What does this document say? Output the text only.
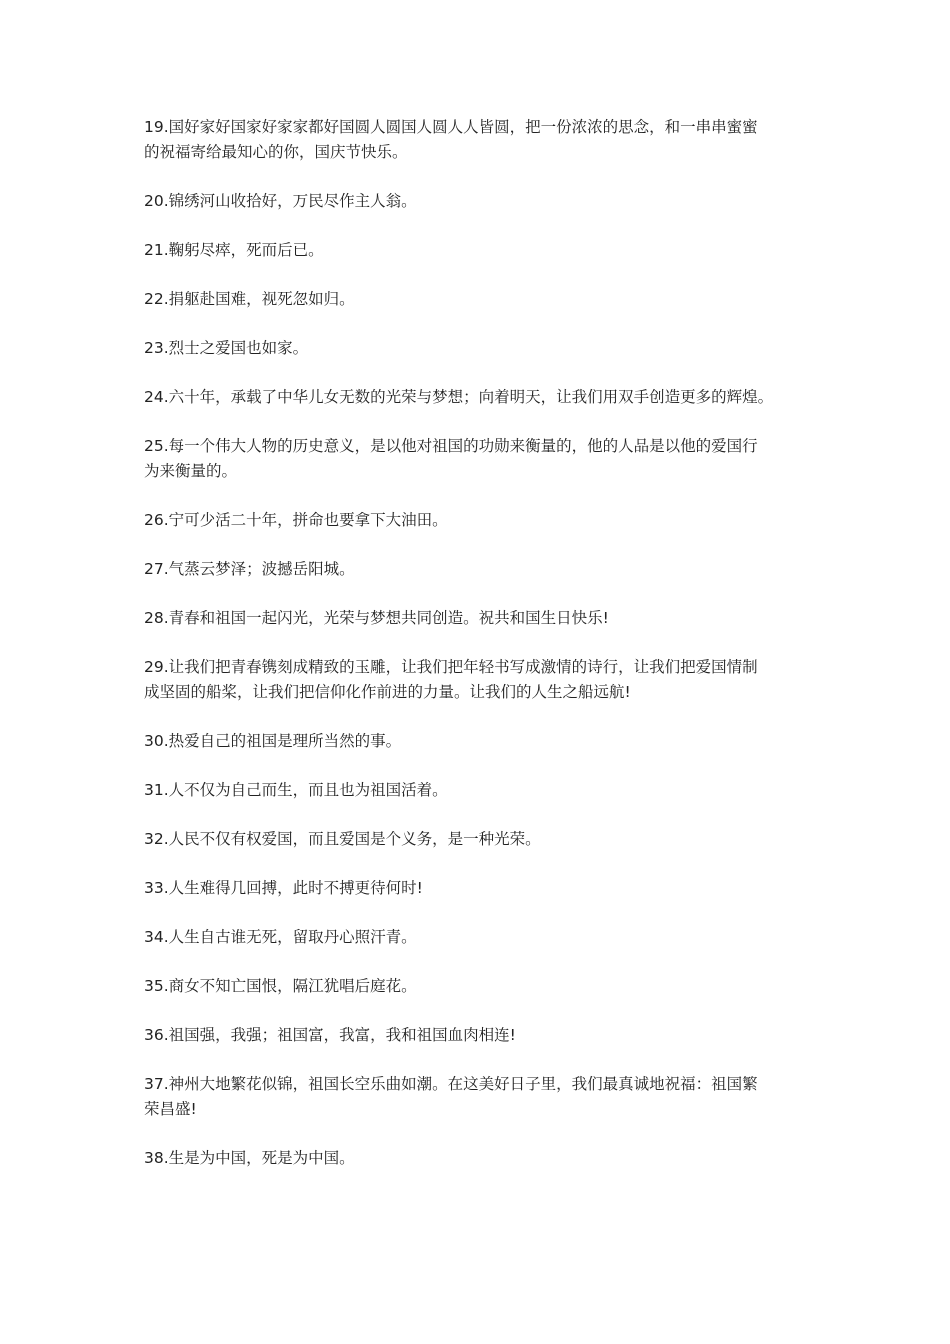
19.国好家好国家好家家都好国圆人圆国人圆人人皆圆，把一份浓浓的思念，和一串串蜜蜜
的祝福寄给最知心的你，国庆节快乐。

20.锦绣河山收拾好，万民尽作主人翁。

21.鞠躬尽瘁，死而后已。

22.捐躯赴国难，视死忽如归。

23.烈士之爱国也如家。

24.六十年，承载了中华儿女无数的光荣与梦想；向着明天，让我们用双手创造更多的辉煌。

25.每一个伟大人物的历史意义，是以他对祖国的功勋来衡量的，他的人品是以他的爱国行
为来衡量的。

26.宁可少活二十年，拼命也要拿下大油田。

27.气蒸云梦泽；波撼岳阳城。

28.青春和祖国一起闪光，光荣与梦想共同创造。祝共和国生日快乐!

29.让我们把青春镌刻成精致的玉雕，让我们把年轻书写成激情的诗行，让我们把爱国情制
成坚固的船桨，让我们把信仰化作前进的力量。让我们的人生之船远航!

30.热爱自己的祖国是理所当然的事。

31.人不仅为自己而生，而且也为祖国活着。

32.人民不仅有权爱国，而且爱国是个义务，是一种光荣。

33.人生难得几回搏，此时不搏更待何时!

34.人生自古谁无死，留取丹心照汗青。

35.商女不知亡国恨，隔江犹唱后庭花。

36.祖国强，我强；祖国富，我富，我和祖国血肉相连!

37.神州大地繁花似锦，祖国长空乐曲如潮。在这美好日子里，我们最真诚地祝福：祖国繁
荣昌盛!

38.生是为中国，死是为中国。
